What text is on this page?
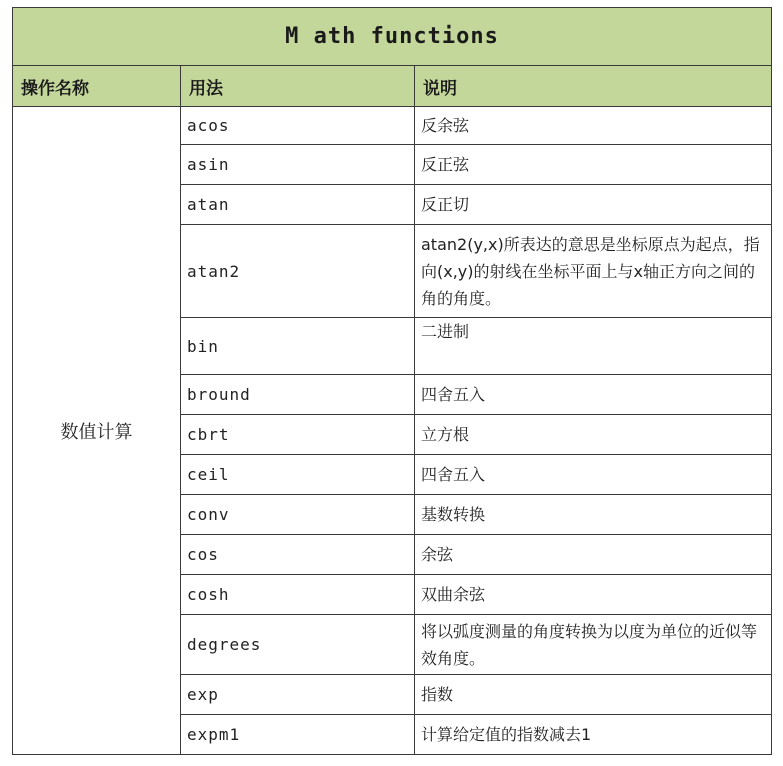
M ath functions		
操作名称	用法	说明
数值计算	acos	反余弦
	asin	反正弦
	atan	反正切
	atan2	atan2(y,x)所表达的意思是坐标原点为起点，指向(x,y)的射线在坐标平面上与x轴正方向之间的角的角度。
	bin	二进制
	bround	四舍五入
	cbrt	立方根
	ceil	四舍五入
	conv	基数转换
	cos	余弦
	cosh	双曲余弦
	degrees	将以弧度测量的角度转换为以度为单位的近似等效角度。
	exp	指数
	expm1	计算给定值的指数减去1
